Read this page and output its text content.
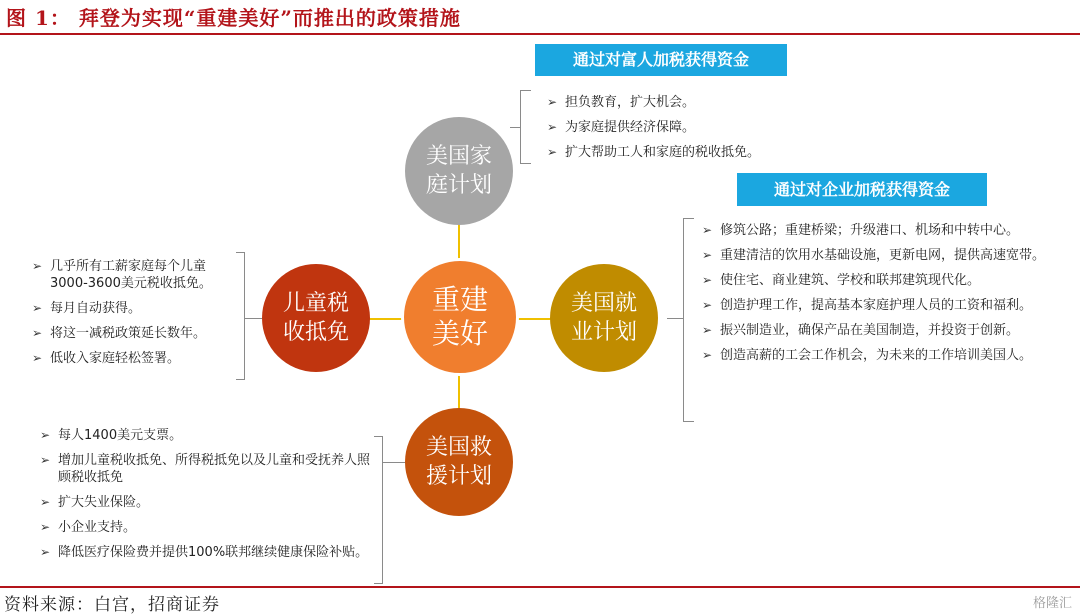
图 1： 拜登为实现“重建美好”而推出的政策措施
通过对富人加税获得资金
通过对企业加税获得资金
美国家
庭计划
儿童税
收抵免
美国就
业计划
美国救
援计划
重建
美好
➢ 担负教育，扩大机会。
➢ 为家庭提供经济保障。
➢ 扩大帮助工人和家庭的税收抵免。
➢ 修筑公路；重建桥梁；升级港口、机场和中转中心。
➢ 重建清洁的饮用水基础设施，更新电网，提供高速宽带。
➢ 使住宅、商业建筑、学校和联邦建筑现代化。
➢ 创造护理工作，提高基本家庭护理人员的工资和福利。
➢ 振兴制造业，确保产品在美国制造，并投资于创新。
➢ 创造高薪的工会工作机会，为未来的工作培训美国人。
➢ 几乎所有工薪家庭每个儿童3000-3600美元税收抵免。
➢ 每月自动获得。
➢ 将这一减税政策延长数年。
➢ 低收入家庭轻松签署。
➢ 每人1400美元支票。
➢ 增加儿童税收抵免、所得税抵免以及儿童和受抚养人照顾税收抵免
➢ 扩大失业保险。
➢ 小企业支持。
➢ 降低医疗保险费并提供100%联邦继续健康保险补贴。
资料来源：白宫，招商证券	格隆汇
